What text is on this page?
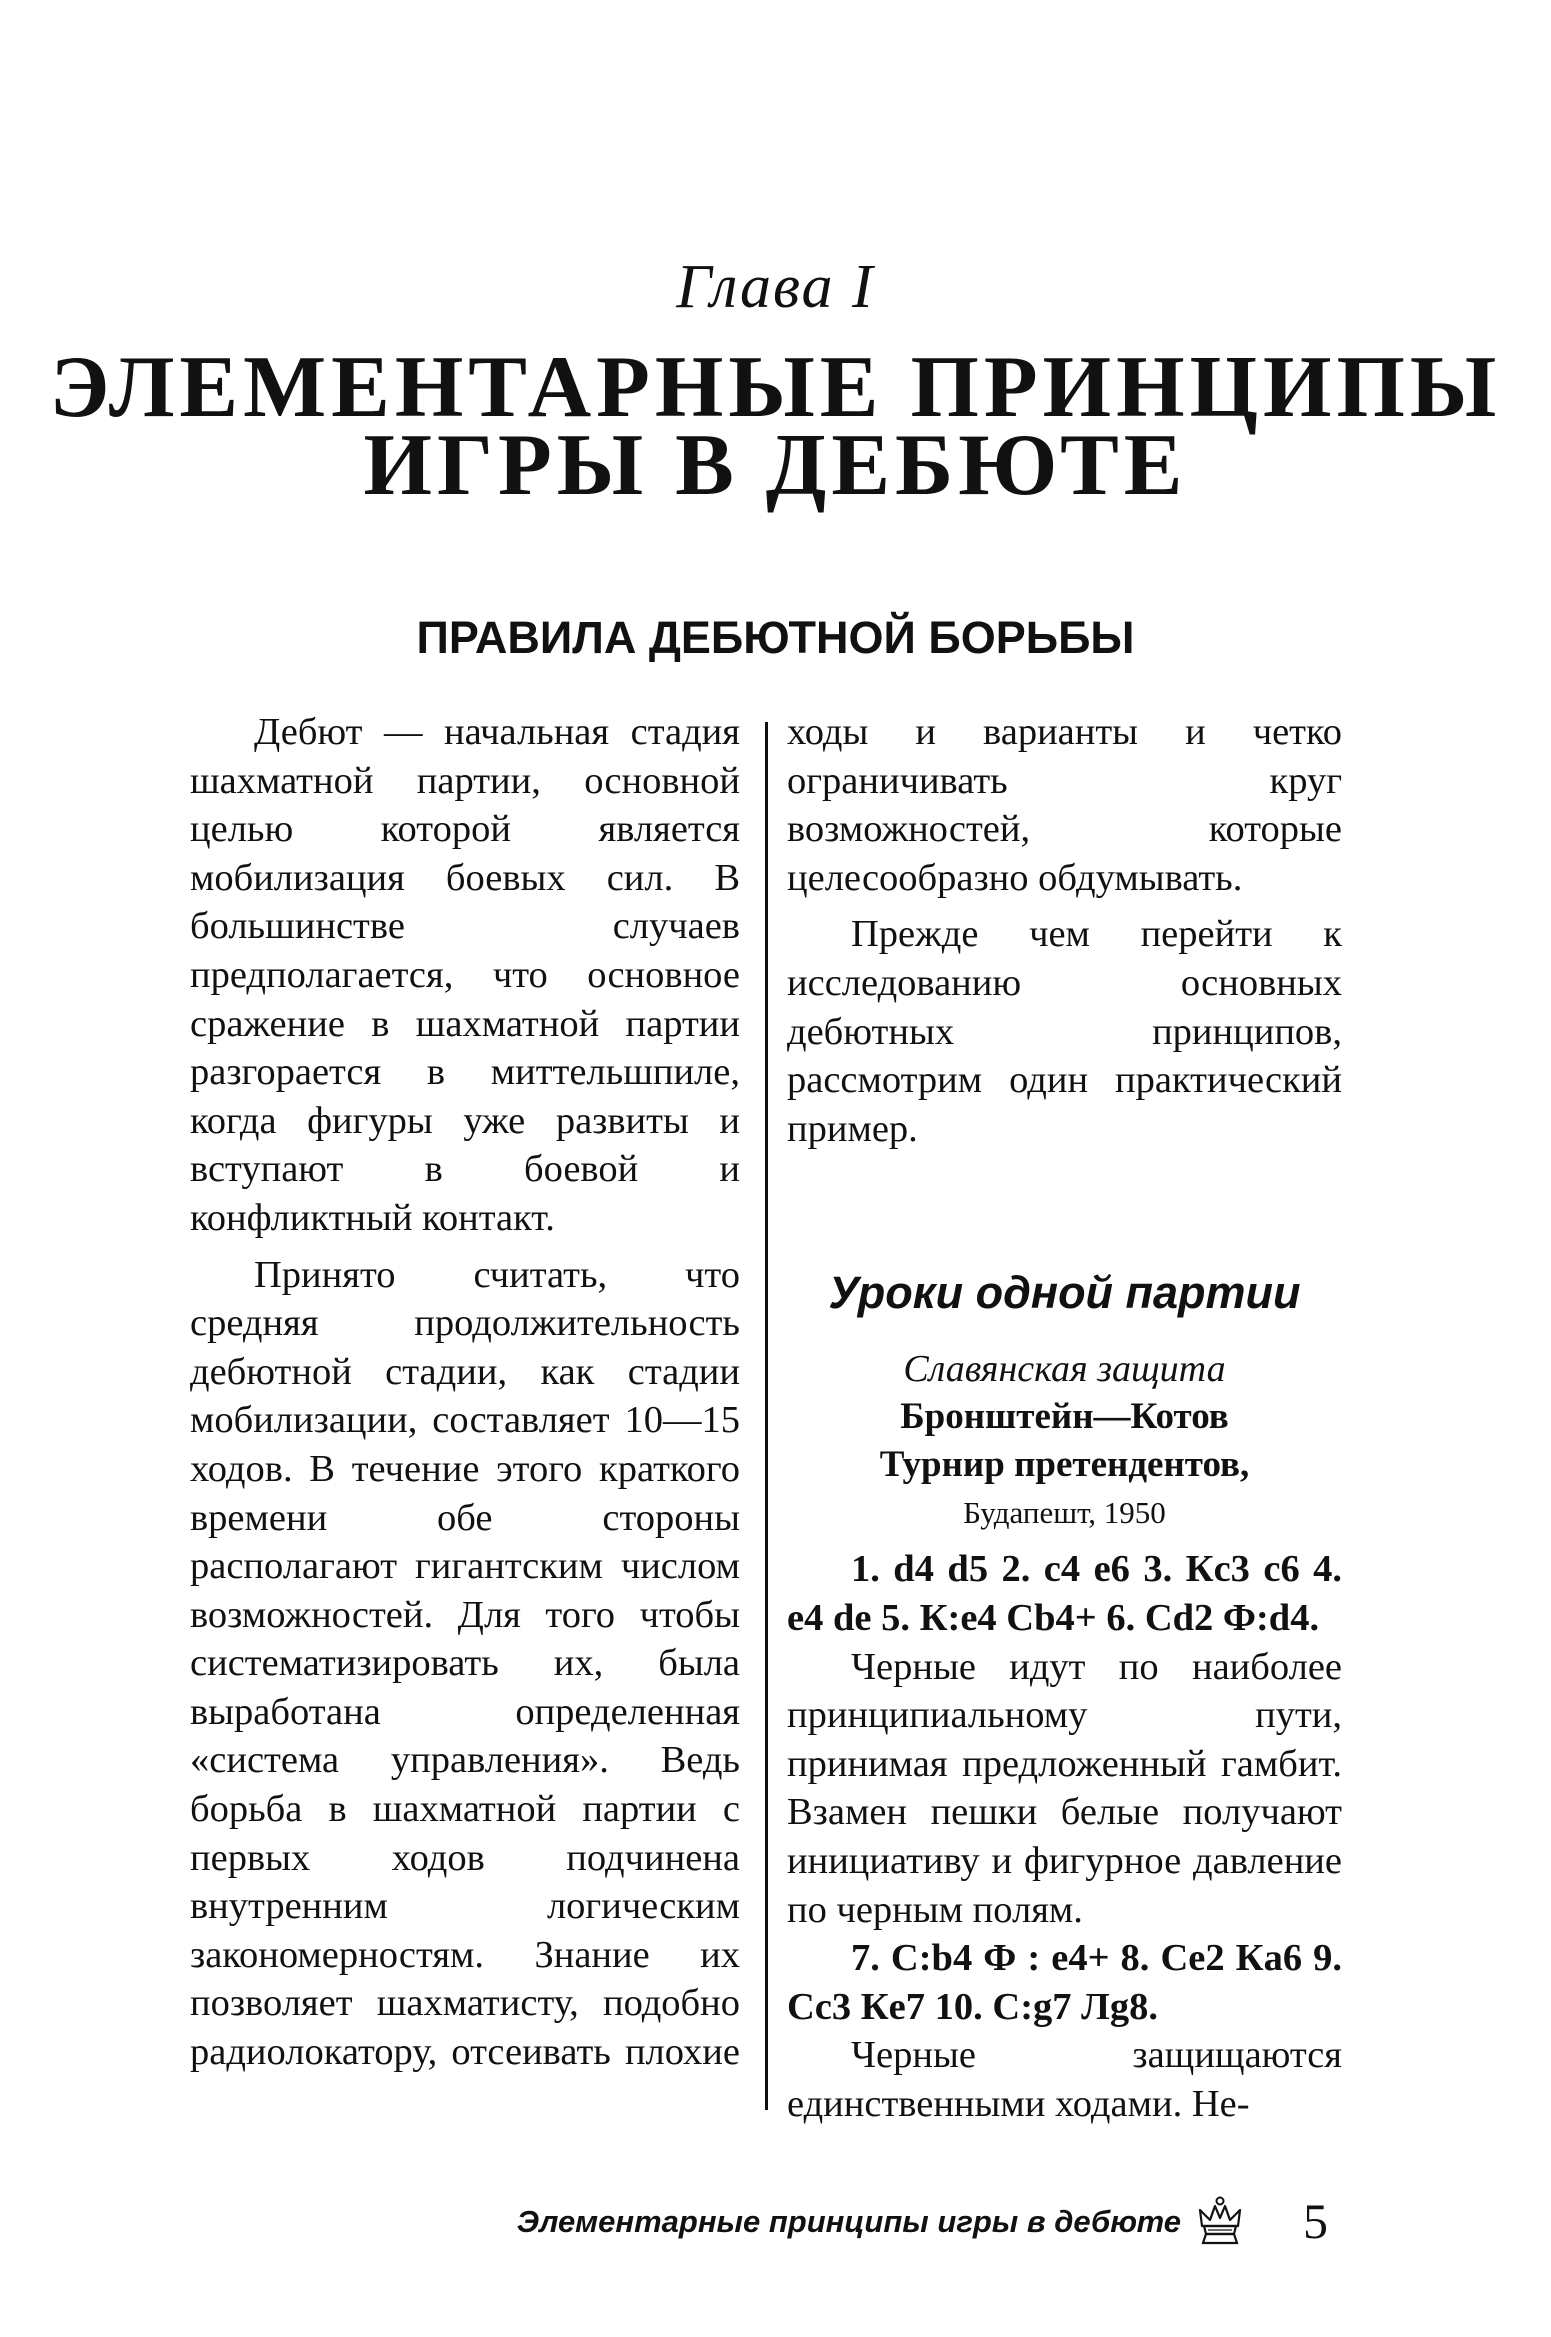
Глава I
ЭЛЕМЕНТАРНЫЕ ПРИНЦИПЫ
ИГРЫ В ДЕБЮТЕ
ПРАВИЛА ДЕБЮТНОЙ БОРЬБЫ

Дебют — начальная стадия шахматной партии, основной целью которой является мобилизация боевых сил. В большинстве случаев предполагается, что основное сражение в шахматной партии разгорается в миттельшпиле, когда фигуры уже развиты и вступают в боевой и конфликтный контакт.

Принято считать, что средняя продолжительность дебютной стадии, как стадии мобилизации, составляет 10—15 ходов. В течение этого краткого времени обе стороны располагают гигантским числом возможностей. Для того чтобы систематизировать их, была выработана определенная «система управления». Ведь борьба в шахматной партии с первых ходов подчинена внутренним логическим закономерностям. Знание их позволяет шахматисту, подобно радиолокатору, отсеивать плохие

ходы и варианты и четко ограничивать круг возможностей, которые целесообразно обдумывать.

Прежде чем перейти к исследованию основных дебютных принципов, рассмотрим один практический пример.

Уроки одной партии
Славянская защита
Бронштейн—Котов
Турнир претендентов,
Будапешт, 1950

1. d4 d5 2. c4 e6 3. Кc3 c6 4. e4 de 5. К:e4 Сb4+ 6. Сd2 Ф:d4.

Черные идут по наиболее принципиальному пути, принимая предложенный гамбит. Взамен пешки белые получают инициативу и фигурное давление по черным полям.

7. С:b4 Ф : e4+ 8. Сe2 Кa6 9. Сc3 Кe7 10. С:g7 Лg8.

Черные защищаются единственными ходами. Не-

Элементарные принципы игры в дебюте 5
